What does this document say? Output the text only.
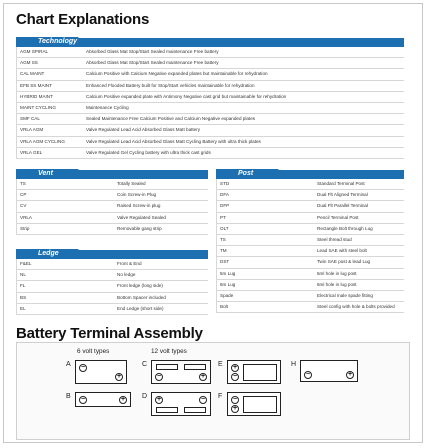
Chart Explanations
Technology
AGM SPIRAL	Absorbed Glass Mat Stop/Start Sealed maintenance Free battery
AGM SS	Absorbed Glass Mat Stop/Start Sealed maintenance Free battery
CAL MAINT	Calcium Positive with Calcium Negative expanded plates but maintainable for rehydration
EFB SS MAINT	Enhanced Flooded Battery built for Stop/Start vehicles maintainable for rehydration
HYBRID MAINT	Calcium Positive expanded plate with Antimony Negative cast grid but maintainable for rehydration
MAINT CYCLING	Maintenance Cycling
SMF CAL	Sealed Maintenance Free Calcium Positive and Calcium Negative expanded plates
VRLA AGM	Valve Regulated Lead Acid Absorbed Glass Matt battery
VRLA AGM CYCLING	Valve Regulated Lead Acid Absorbed Glass Matt Cycling Battery with ultra thick plates
VRLA GEL	Valve Regulated Gel Cycling battery with ultra thick cast grids
Vent
TS	Totally Sealed
CP	Coin Screw-in Plug
CV	Raised Screw-in plug
VRLA	Valve Regulated Sealed
Strip	Removable gang strip
Ledge
F&EL	Front & End
NL	No ledge
FL	Front ledge (long side)
BS	Bottom Spacer included
EL	End Ledge (short side)
Post
STD	Standard Terminal Post
DFA	Dual Flt Aligned Terminal
DFP	Dual Flt Parallel Terminal
PT	Pencil Terminal Post
OLT	Rectangle Bolt through Lug
TS	Steel thread stud
TM	Lead SAE with steel bolt
DST	Twin SAE post & lead Lug
5m Lug	5ml hole in lug post
6m Lug	6ml hole in lug post
Spade	Electrical male spade fitting
Bolt	Steel config with hole & bolts provided
Battery Terminal Assembly
6 volt types	12 volt types
A −
+
B −	+
C
−	+
D +	−
E +
−
F −
+
H
−	+
